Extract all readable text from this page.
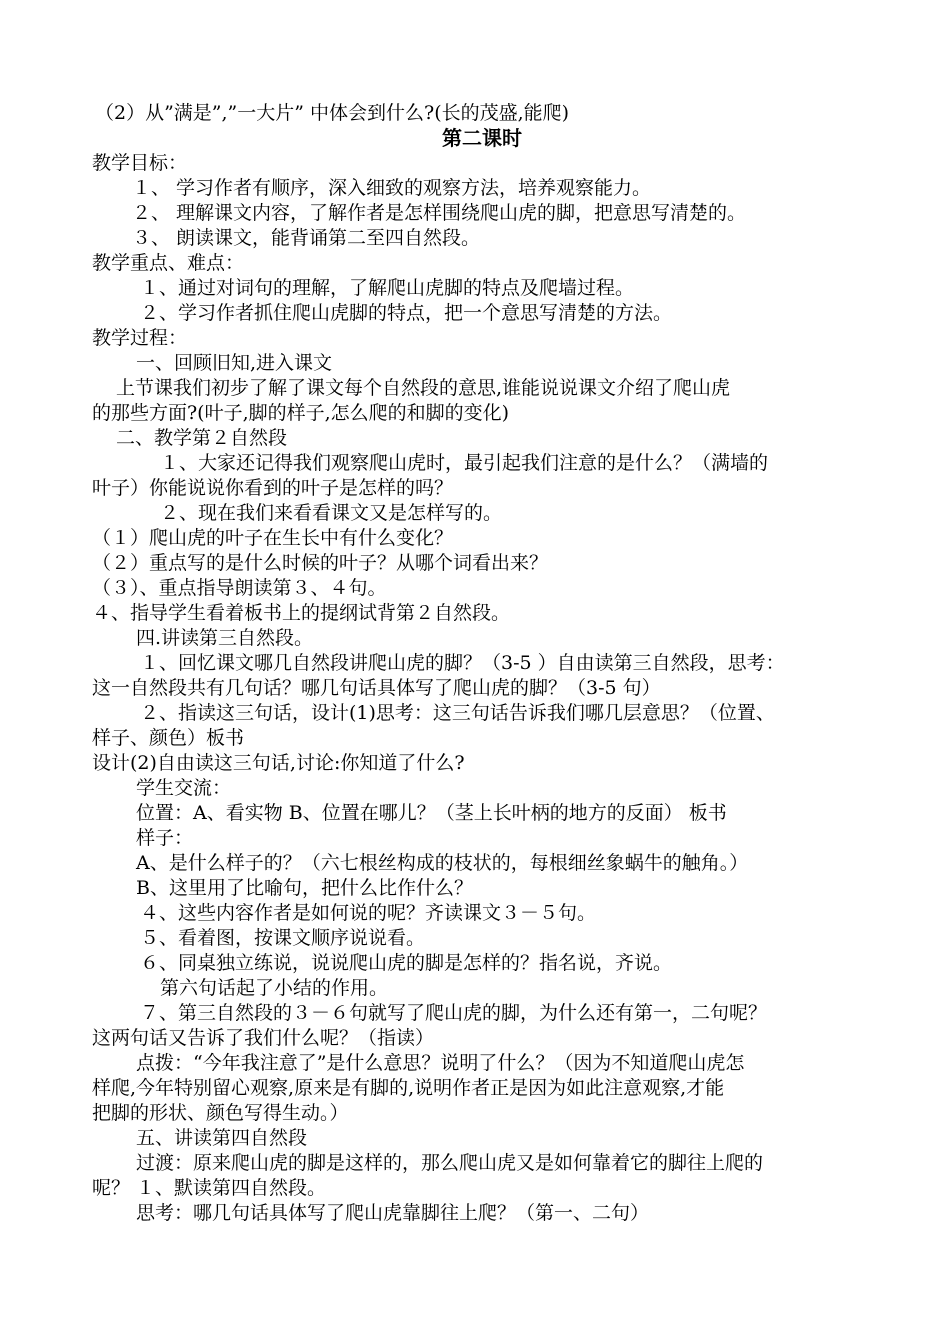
（2）从”满是”,”一大片” 中体会到什么?(长的茂盛,能爬)
第二课时
教学目标：
１、 学习作者有顺序，深入细致的观察方法，培养观察能力。
２、 理解课文内容，了解作者是怎样围绕爬山虎的脚，把意思写清楚的。
３、 朗读课文，能背诵第二至四自然段。
教学重点、难点：
１、通过对词句的理解，了解爬山虎脚的特点及爬墙过程。
２、学习作者抓住爬山虎脚的特点，把一个意思写清楚的方法。
教学过程：
一、回顾旧知,进入课文
上节课我们初步了解了课文每个自然段的意思,谁能说说课文介绍了爬山虎
的那些方面?(叶子,脚的样子,怎么爬的和脚的变化)
二、教学第２自然段
１、大家还记得我们观察爬山虎时，最引起我们注意的是什么？（满墙的
叶子）你能说说你看到的叶子是怎样的吗？
２、现在我们来看看课文又是怎样写的。
（１）爬山虎的叶子在生长中有什么变化？
（２）重点写的是什么时候的叶子？从哪个词看出来？
（３）、重点指导朗读第３、４句。
４、指导学生看着板书上的提纲试背第２自然段。
四.讲读第三自然段。
１、回忆课文哪几自然段讲爬山虎的脚？（3-5 ）自由读第三自然段，思考：
这一自然段共有几句话？哪几句话具体写了爬山虎的脚？（3-5 句）
２、指读这三句话，设计(1)思考：这三句话告诉我们哪几层意思？（位置、
样子、颜色）板书
设计(2)自由读这三句话,讨论:你知道了什么?
学生交流：
位置：A、看实物 B、位置在哪儿？（茎上长叶柄的地方的反面） 板书
样子：
A、是什么样子的？（六七根丝构成的枝状的，每根细丝象蜗牛的触角。）
B、这里用了比喻句，把什么比作什么？
４、这些内容作者是如何说的呢？齐读课文３－５句。
５、看着图，按课文顺序说说看。
６、同桌独立练说，说说爬山虎的脚是怎样的？指名说，齐说。
第六句话起了小结的作用。
７、第三自然段的３－６句就写了爬山虎的脚，为什么还有第一，二句呢？
这两句话又告诉了我们什么呢？（指读）
点拨：“今年我注意了”是什么意思？说明了什么？（因为不知道爬山虎怎
样爬,今年特别留心观察,原来是有脚的,说明作者正是因为如此注意观察,才能
把脚的形状、颜色写得生动。）
五、讲读第四自然段
过渡：原来爬山虎的脚是这样的，那么爬山虎又是如何靠着它的脚往上爬的
呢？ １、默读第四自然段。
思考：哪几句话具体写了爬山虎靠脚往上爬？（第一、二句）
